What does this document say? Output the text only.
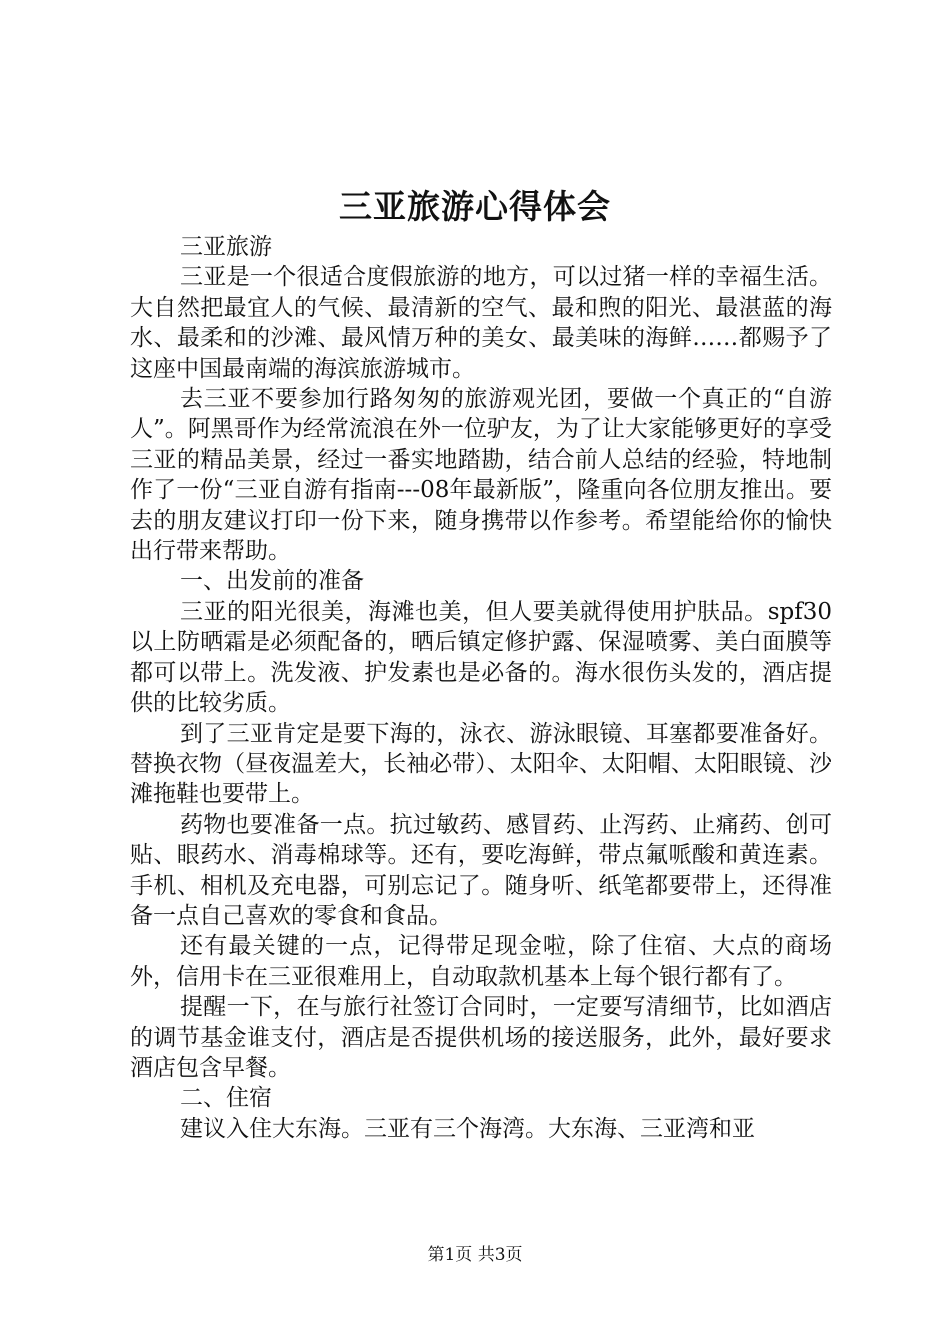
三亚旅游心得体会

三亚旅游

三亚是一个很适合度假旅游的地方，可以过猪一样的幸福生活。大自然把最宜人的气候、最清新的空气、最和煦的阳光、最湛蓝的海水、最柔和的沙滩、最风情万种的美女、最美味的海鲜……都赐予了这座中国最南端的海滨旅游城市。

去三亚不要参加行路匆匆的旅游观光团，要做一个真正的“自游人”。阿黑哥作为经常流浪在外一位驴友，为了让大家能够更好的享受三亚的精品美景，经过一番实地踏勘，结合前人总结的经验，特地制作了一份“三亚自游有指南---08年最新版”，隆重向各位朋友推出。要去的朋友建议打印一份下来，随身携带以作参考。希望能给你的愉快出行带来帮助。

一、出发前的准备

三亚的阳光很美，海滩也美，但人要美就得使用护肤品。spf30以上防晒霜是必须配备的，晒后镇定修护露、保湿喷雾、美白面膜等都可以带上。洗发液、护发素也是必备的。海水很伤头发的，酒店提供的比较劣质。

到了三亚肯定是要下海的，泳衣、游泳眼镜、耳塞都要准备好。替换衣物（昼夜温差大，长袖必带）、太阳伞、太阳帽、太阳眼镜、沙滩拖鞋也要带上。

药物也要准备一点。抗过敏药、感冒药、止泻药、止痛药、创可贴、眼药水、消毒棉球等。还有，要吃海鲜，带点氟哌酸和黄连素。手机、相机及充电器，可别忘记了。随身听、纸笔都要带上，还得准备一点自己喜欢的零食和食品。

还有最关键的一点，记得带足现金啦，除了住宿、大点的商场外，信用卡在三亚很难用上，自动取款机基本上每个银行都有了。

提醒一下，在与旅行社签订合同时，一定要写清细节，比如酒店的调节基金谁支付，酒店是否提供机场的接送服务，此外，最好要求酒店包含早餐。

二、住宿

建议入住大东海。三亚有三个海湾。大东海、三亚湾和亚

第1页 共3页
